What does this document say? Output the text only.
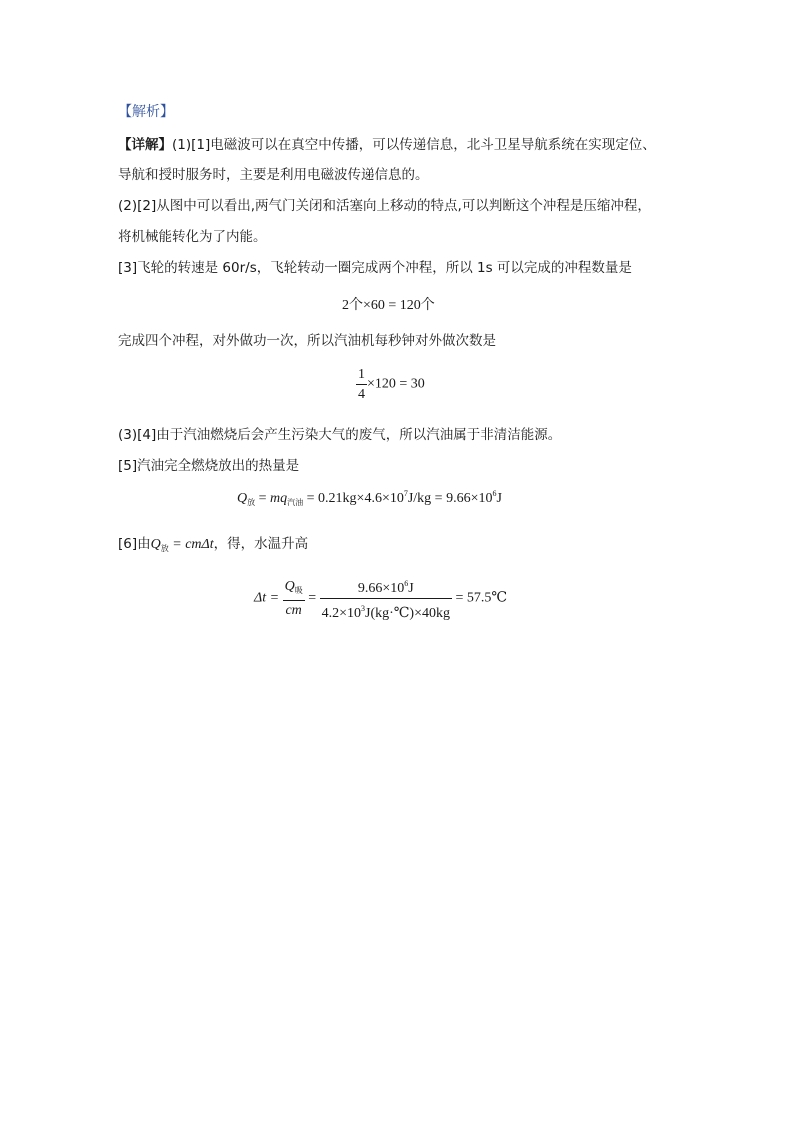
【解析】
【详解】(1)[1]电磁波可以在真空中传播，可以传递信息，北斗卫星导航系统在实现定位、
导航和授时服务时，主要是利用电磁波传递信息的。
(2)[2]从图中可以看出,两气门关闭和活塞向上移动的特点,可以判断这个冲程是压缩冲程，
将机械能转化为了内能。
[3]飞轮的转速是 60r/s，飞轮转动一圈完成两个冲程，所以 1s 可以完成的冲程数量是
2个×60 = 120个
完成四个冲程，对外做功一次，所以汽油机每秒钟对外做次数是
$\frac{1}{4} \times 120 = 30$
(3)[4]由于汽油燃烧后会产生污染大气的废气，所以汽油属于非清洁能源。
[5]汽油完全燃烧放出的热量是
$Q_放 = mq_{汽油} = 0.21kg\times 4.6\times 10^7J/kg = 9.66\times 10^6J$
[6]由$Q_放 = cm\Delta t$，得，水温升高
$\Delta t = \frac{Q_吸}{cm} = \frac{9.66\times 10^6J}{4.2\times 10^3J(kg\cdot℃)\times 40kg}$ = 57.5℃
